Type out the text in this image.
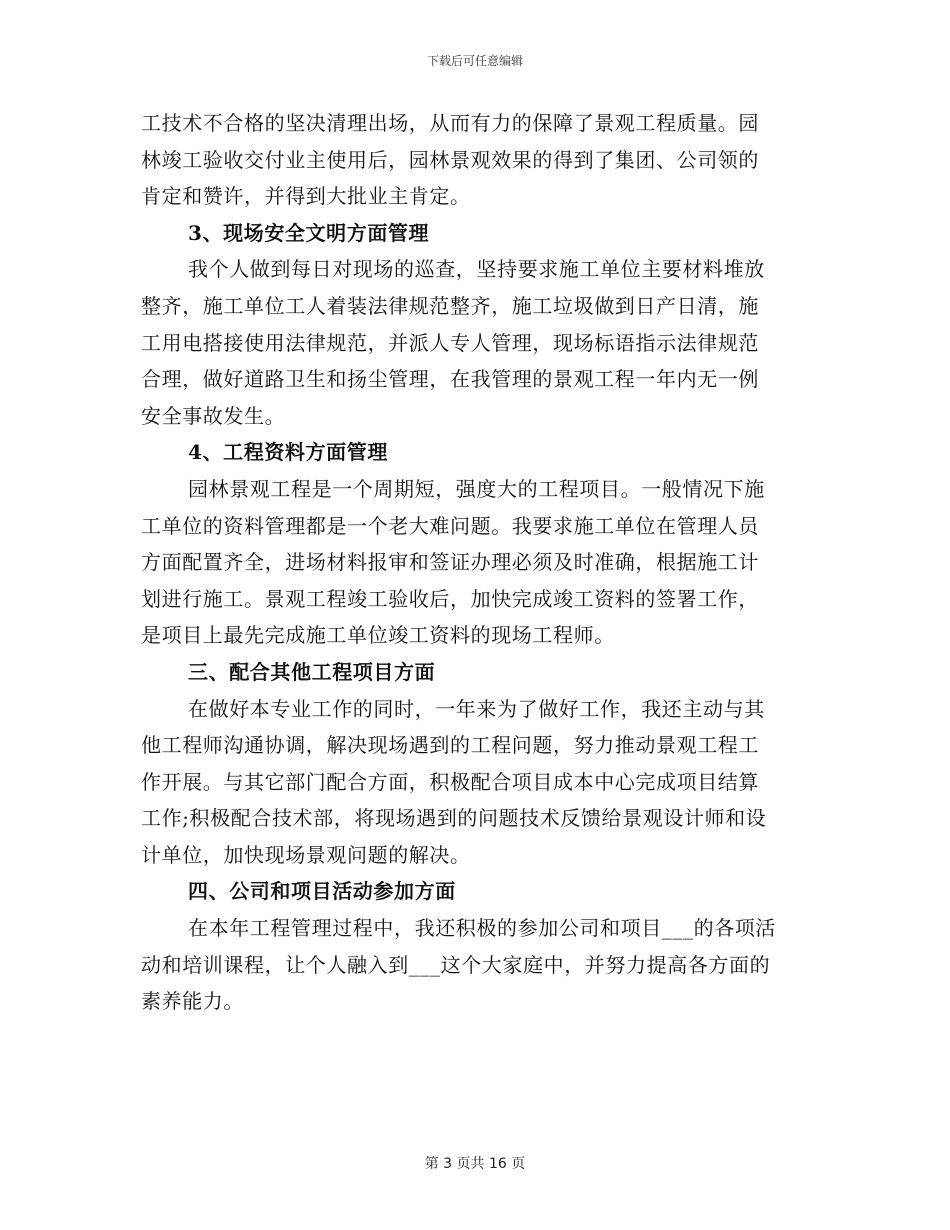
下载后可任意编辑
工技术不合格的坚决清理出场，从而有力的保障了景观工程质量。园
林竣工验收交付业主使用后，园林景观效果的得到了集团、公司领的
肯定和赞许，并得到大批业主肯定。
3、现场安全文明方面管理
我个人做到每日对现场的巡查，坚持要求施工单位主要材料堆放
整齐，施工单位工人着装法律规范整齐，施工垃圾做到日产日清，施
工用电搭接使用法律规范，并派人专人管理，现场标语指示法律规范
合理，做好道路卫生和扬尘管理，在我管理的景观工程一年内无一例
安全事故发生。
4、工程资料方面管理
园林景观工程是一个周期短，强度大的工程项目。一般情况下施
工单位的资料管理都是一个老大难问题。我要求施工单位在管理人员
方面配置齐全，进场材料报审和签证办理必须及时准确，根据施工计
划进行施工。景观工程竣工验收后，加快完成竣工资料的签署工作，
是项目上最先完成施工单位竣工资料的现场工程师。
三、配合其他工程项目方面
在做好本专业工作的同时，一年来为了做好工作，我还主动与其
他工程师沟通协调，解决现场遇到的工程问题，努力推动景观工程工
作开展。与其它部门配合方面，积极配合项目成本中心完成项目结算
工作;积极配合技术部，将现场遇到的问题技术反馈给景观设计师和设
计单位，加快现场景观问题的解决。
四、公司和项目活动参加方面
在本年工程管理过程中，我还积极的参加公司和项目___的各项活
动和培训课程，让个人融入到___这个大家庭中，并努力提高各方面的
素养能力。
第 3 页共 16 页
